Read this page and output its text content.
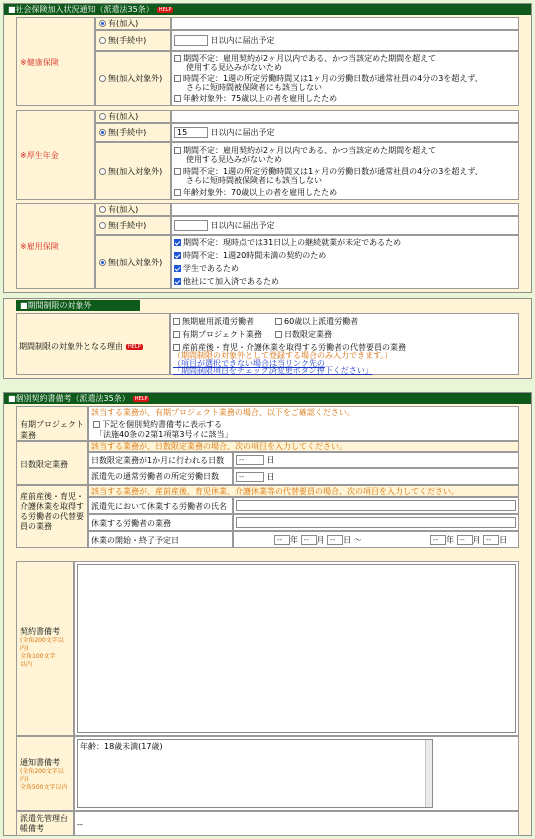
■社会保険加入状況通知（派遣法35条） HELP
※健康保険
有(加入)
無(手続中)	日以内に届出予定
無(加入対象外)
期間不定：雇用契約が2ヶ月以内である、かつ当該定めた期間を超えて
使用する見込みがないため
時間不定：1週の所定労働時間又は1ヶ月の労働日数が通常社員の4分の3を超えず、
さらに短時間被保険者にも該当しない
年齢対象外：75歳以上の者を雇用したため
※厚生年金
有(加入)
無(手続中)	15	日以内に届出予定
無(加入対象外)
期間不定：雇用契約が2ヶ月以内である、かつ当該定めた期間を超えて
使用する見込みがないため
時間不定：1週の所定労働時間又は1ヶ月の労働日数が通常社員の4分の3を超えず、
さらに短時間被保険者にも該当しない
年齢対象外：70歳以上の者を雇用したため
※雇用保険
有(加入)
無(手続中)	日以内に届出予定
無(加入対象外)
期間不定：現時点では31日以上の継続就業が未定であるため
時間不定：1週20時間未満の契約のため
学生であるため
他社にて加入済であるため
■期間制限の対象外
期間制限の対象外となる理由 HELP
無期雇用派遣労働者	60歳以上派遣労働者
有期プロジェクト業務	日数限定業務
産前産後・育児・介護休業を取得する労働者の代替要員の業務
（期間制限の対象外として登録する場合のみ入力できます。）
（項目が選択できない場合は当リンク先の
「期間制限項目をチェック済変更ボタン押下ください」
■個別契約書備考（派遣法35条） HELP
有期プロジェクト業務
該当する業務が、有期プロジェクト業務の場合、以下をご確認ください。
下記を個別契約書備考に表示する
「法施40条の2第1項第3号イに該当」
日数限定業務
該当する業務が、日数限定業務の場合、次の項目を入力してください。
日数限定業務が1か月に行われる日数	--	日
派遣先の通常労働者の所定労働日数	--	日
産前産後・育児・介護休業を取得する労働者の代替要員の業務
該当する業務が、産前産後、育児休業、介護休業等の代替要員の場合、次の項目を入力してください。
派遣先において休業する労働者の氏名
休業する労働者の業務
休業の開始・終了予定日	-- 年 -- 月 -- 日 〜	-- 年 -- 月 -- 日
契約書備考
(全角200文字以内)
全角100文字
以内
通知書備考
(全角200文字以内)
全角500文字以内
年齢：18歳未満(17歳)
派遣先管理台帳備考	--
